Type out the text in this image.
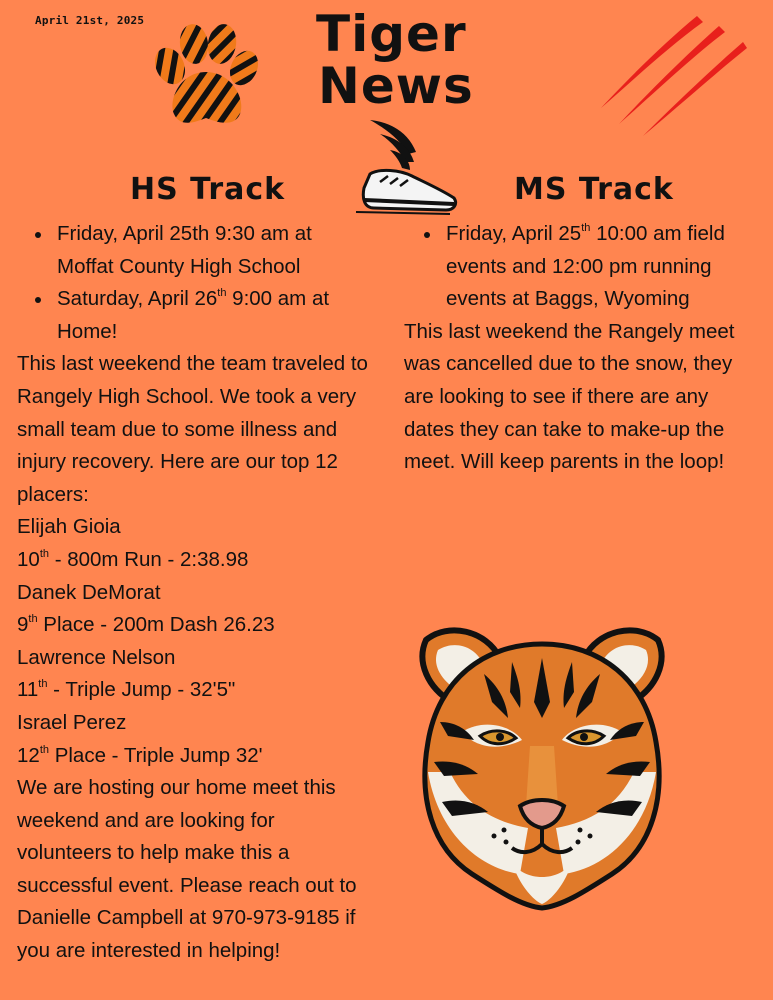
April 21st, 2025	Tiger
News
HS Track	MS Track
Friday, April 25th 9:30 am at Moffat County High School
Saturday, April 26th 9:00 am at Home!

This last weekend the team traveled to Rangely High School. We took a very small team due to some illness and injury recovery. Here are our top 12 placers:

Elijah Gioia

10th - 800m Run - 2:38.98

Danek DeMorat

9th Place - 200m Dash 26.23

Lawrence Nelson

11th - Triple Jump - 32'5"

Israel Perez

12th Place - Triple Jump 32'

We are hosting our home meet this weekend and are looking for volunteers to help make this a successful event. Please reach out to Danielle Campbell at 970-973-9185 if you are interested in helping!

Friday, April 25th 10:00 am field events and 12:00 pm running events at Baggs, Wyoming

This last weekend the Rangely meet was cancelled due to the snow, they are looking to see if there are any dates they can take to make-up the meet. Will keep parents in the loop!
